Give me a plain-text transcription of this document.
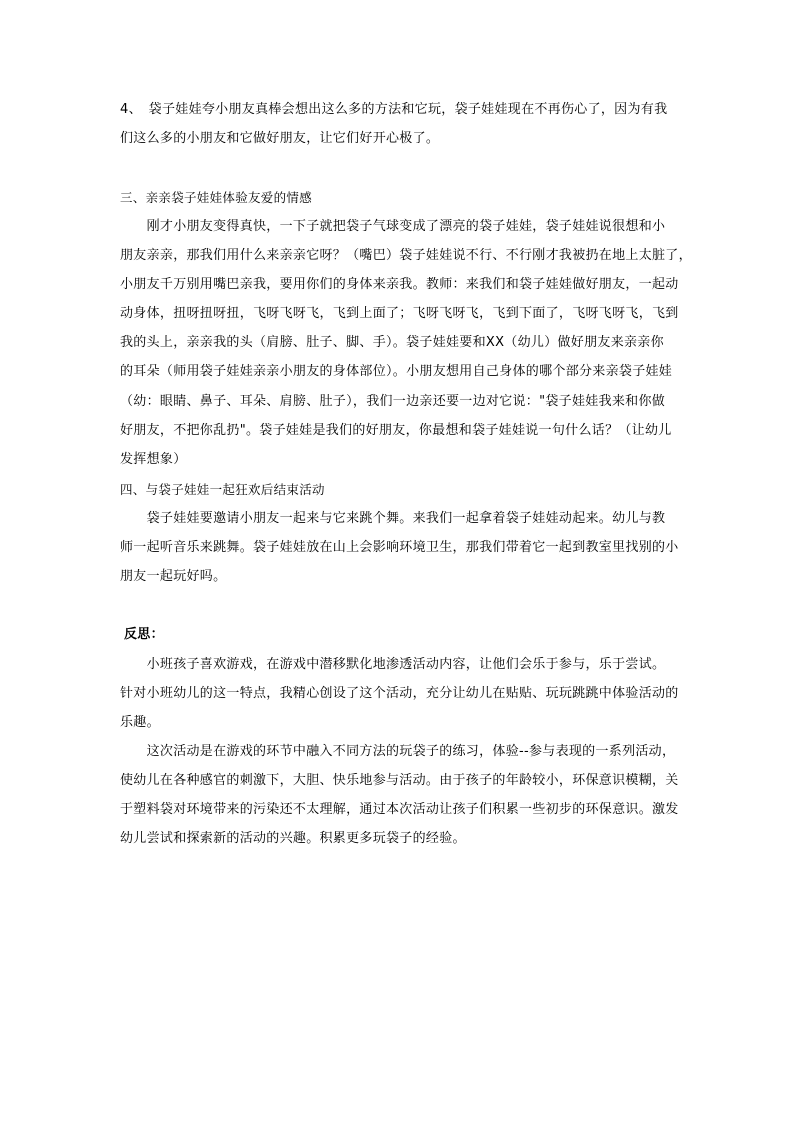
4、　袋子娃娃夸小朋友真棒会想出这么多的方法和它玩，袋子娃娃现在不再伤心了，因为有我
们这么多的小朋友和它做好朋友，让它们好开心极了。
三、亲亲袋子娃娃体验友爱的情感
　　刚才小朋友变得真快，一下子就把袋子气球变成了漂亮的袋子娃娃，袋子娃娃说很想和小
朋友亲亲，那我们用什么来亲亲它呀？（嘴巴）袋子娃娃说不行、不行刚才我被扔在地上太脏了，
小朋友千万别用嘴巴亲我，要用你们的身体来亲我。教师：来我们和袋子娃娃做好朋友，一起动
动身体，扭呀扭呀扭，飞呀飞呀飞，飞到上面了；飞呀飞呀飞，飞到下面了，飞呀飞呀飞，飞到
我的头上，亲亲我的头（肩膀、肚子、脚、手）。袋子娃娃要和XX（幼儿）做好朋友来亲亲你
的耳朵（师用袋子娃娃亲亲小朋友的身体部位）。小朋友想用自己身体的哪个部分来亲袋子娃娃
（幼：眼睛、鼻子、耳朵、肩膀、肚子），我们一边亲还要一边对它说："袋子娃娃我来和你做
好朋友，不把你乱扔"。袋子娃娃是我们的好朋友，你最想和袋子娃娃说一句什么话？（让幼儿
发挥想象）
四、与袋子娃娃一起狂欢后结束活动
　　袋子娃娃要邀请小朋友一起来与它来跳个舞。来我们一起拿着袋子娃娃动起来。幼儿与教
师一起听音乐来跳舞。袋子娃娃放在山上会影响环境卫生，那我们带着它一起到教室里找别的小
朋友一起玩好吗。
反思：
　　小班孩子喜欢游戏，在游戏中潜移默化地渗透活动内容，让他们会乐于参与，乐于尝试。
针对小班幼儿的这一特点，我精心创设了这个活动，充分让幼儿在贴贴、玩玩跳跳中体验活动的
乐趣。
　　这次活动是在游戏的环节中融入不同方法的玩袋子的练习，体验--参与表现的一系列活动，
使幼儿在各种感官的刺激下，大胆、快乐地参与活动。由于孩子的年龄较小，环保意识模糊，关
于塑料袋对环境带来的污染还不太理解，通过本次活动让孩子们积累一些初步的环保意识。激发
幼儿尝试和探索新的活动的兴趣。积累更多玩袋子的经验。
